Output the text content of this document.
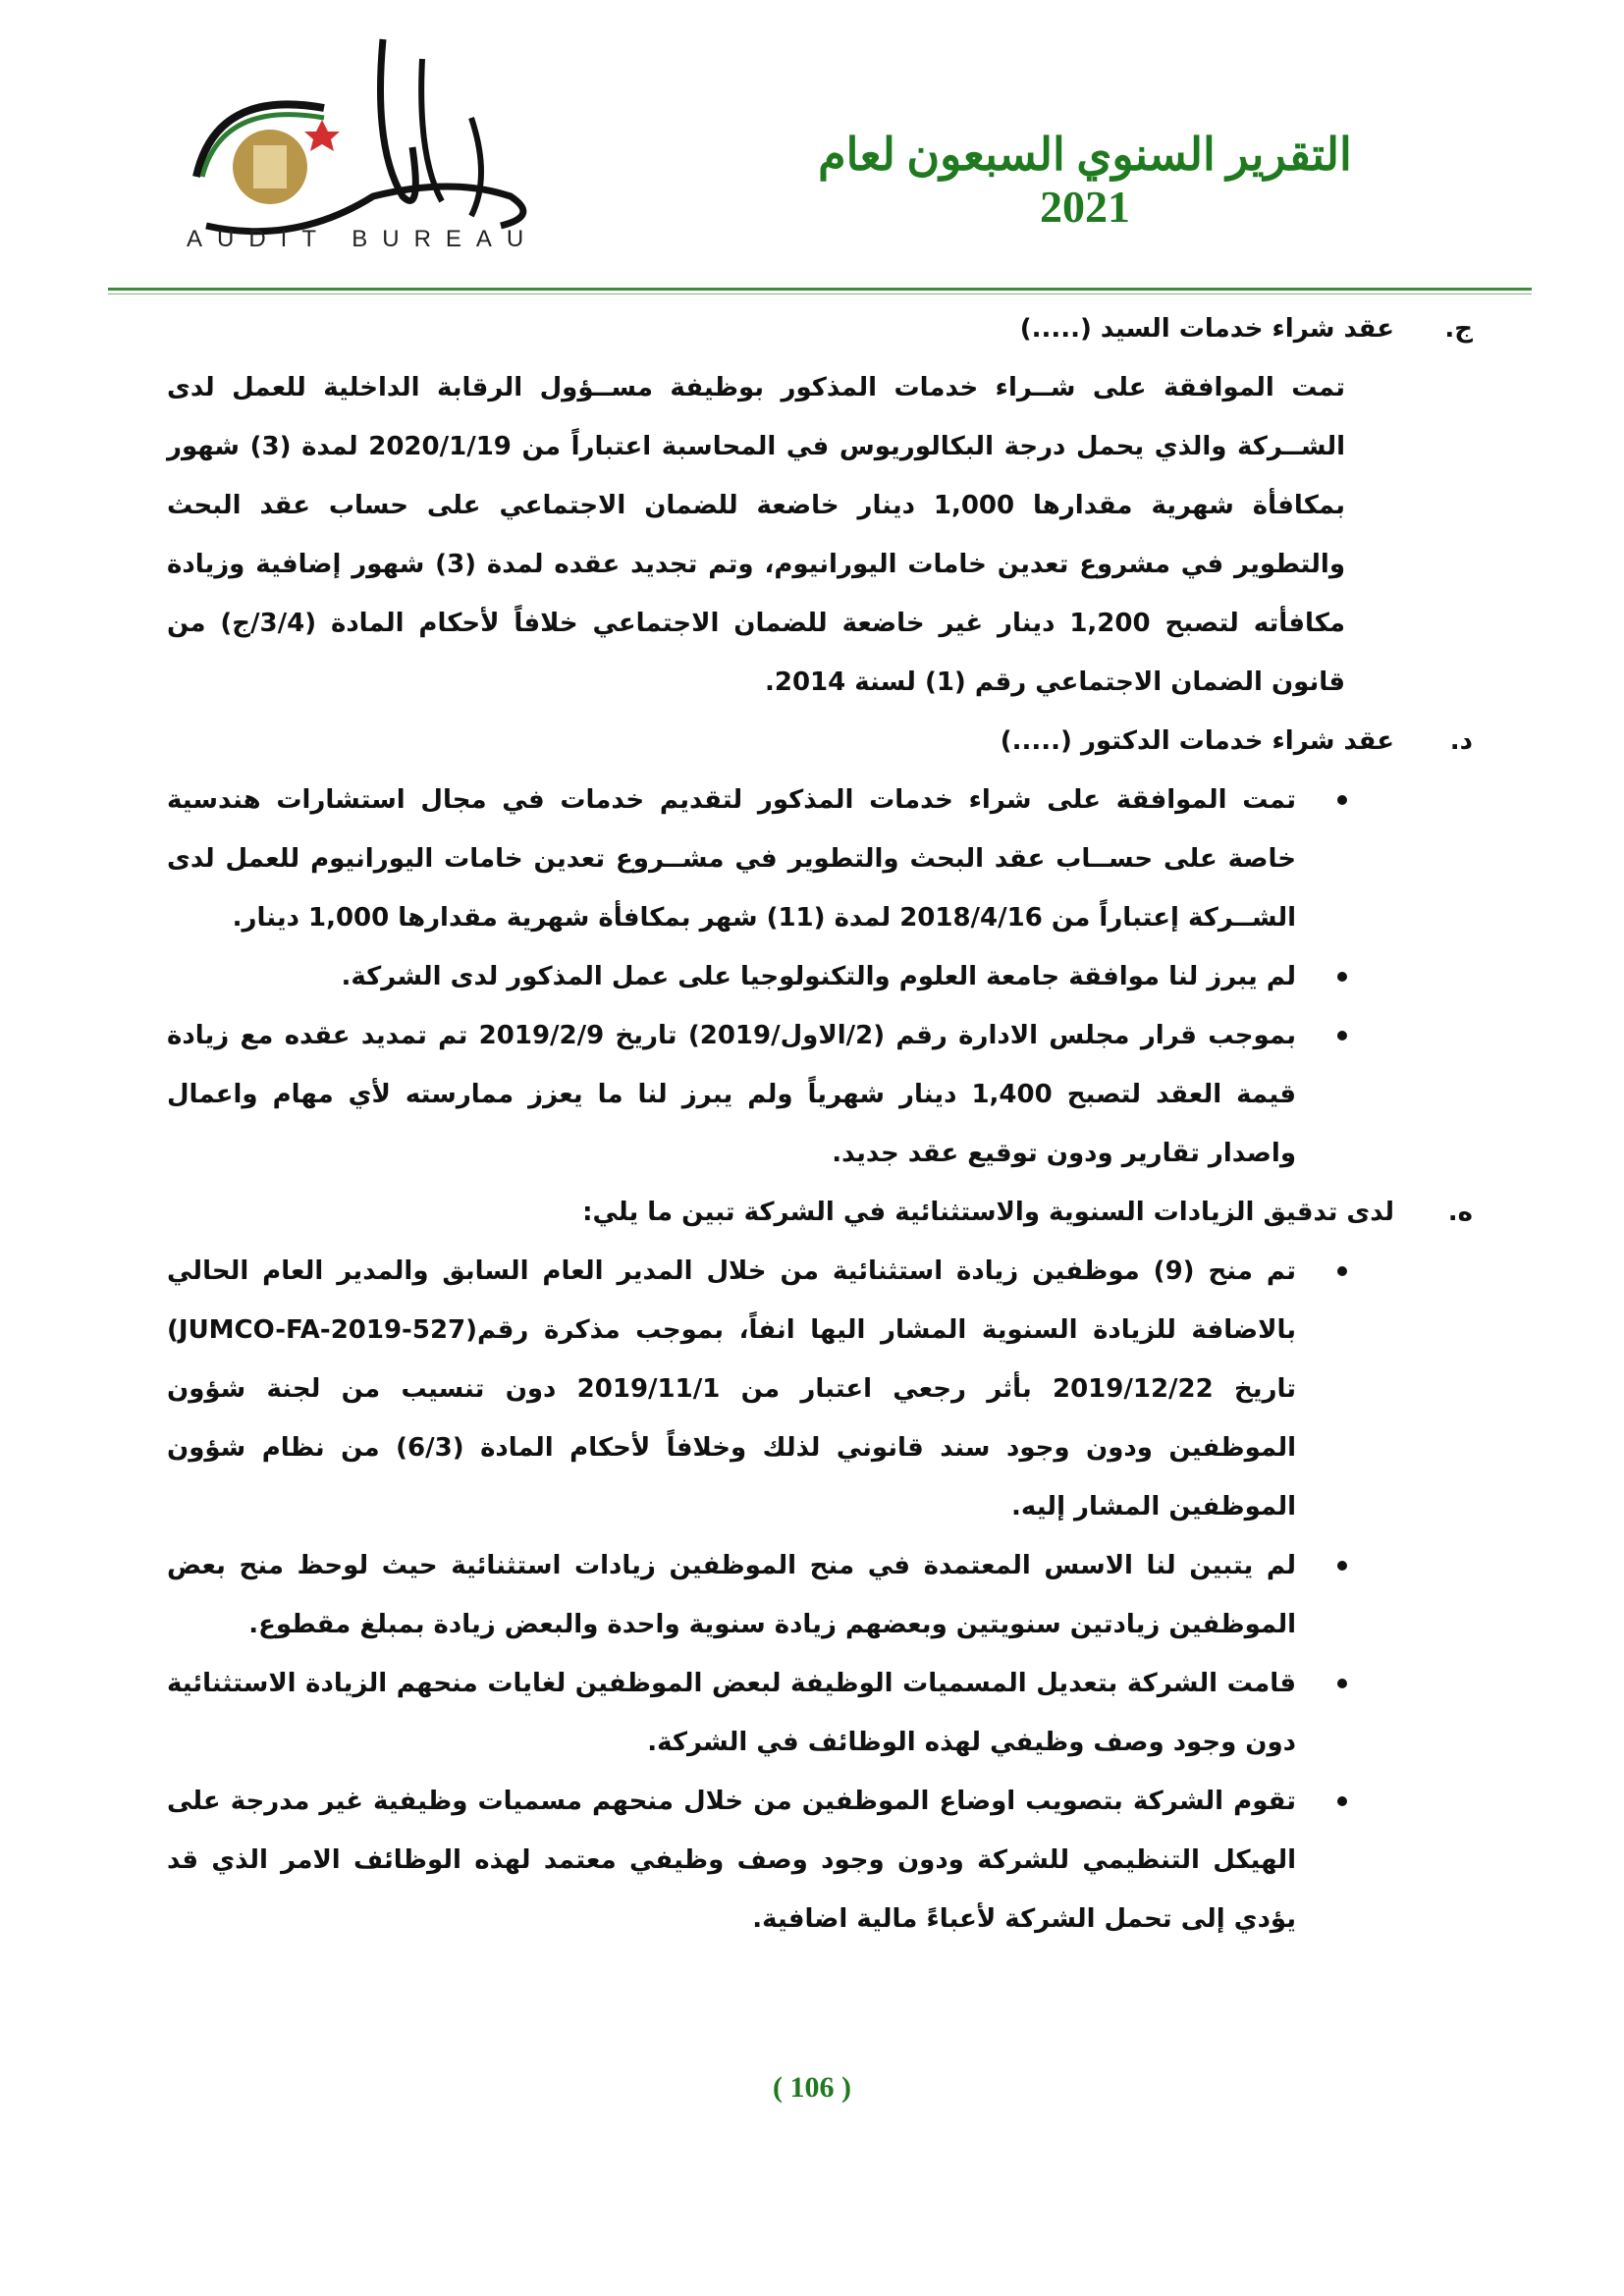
AUDIT BUREAU
التقرير السنوي السبعون لعام 2021
ج.
عقد شراء خدمات السيد (.....)
تمت الموافقة على شــراء خدمات المذكور بوظيفة مســؤول الرقابة الداخلية للعمل لدى الشــركة والذي يحمل درجة البكالوريوس في المحاسبة اعتباراً من 2020/1/19 لمدة (3) شهور بمكافأة شهرية مقدارها 1,000 دينار خاضعة للضمان الاجتماعي على حساب عقد البحث والتطوير في مشروع تعدين خامات اليورانيوم، وتم تجديد عقده لمدة (3) شهور إضافية وزيادة مكافأته لتصبح 1,200 دينار غير خاضعة للضمان الاجتماعي خلافاً لأحكام المادة (3/4/ج) من قانون الضمان الاجتماعي رقم (1) لسنة 2014.
د.
عقد شراء خدمات الدكتور (.....)
تمت الموافقة على شراء خدمات المذكور لتقديم خدمات في مجال استشارات هندسية خاصة على حســاب عقد البحث والتطوير في مشــروع تعدين خامات اليورانيوم للعمل لدى الشــركة إعتباراً من 2018/4/16 لمدة (11) شهر بمكافأة شهرية مقدارها 1,000 دينار.
لم يبرز لنا موافقة جامعة العلوم والتكنولوجيا على عمل المذكور لدى الشركة.
بموجب قرار مجلس الادارة رقم (2/الاول/2019) تاريخ 2019/2/9 تم تمديد عقده مع زيادة قيمة العقد لتصبح 1,400 دينار شهرياً ولم يبرز لنا ما يعزز ممارسته لأي مهام واعمال واصدار تقارير ودون توقيع عقد جديد.
ه.
لدى تدقيق الزيادات السنوية والاستثنائية في الشركة تبين ما يلي:
تم منح (9) موظفين زيادة استثنائية من خلال المدير العام السابق والمدير العام الحالي بالاضافة للزيادة السنوية المشار اليها انفاً، بموجب مذكرة رقم(JUMCO-FA-2019-527) تاريخ 2019/12/22 بأثر رجعي اعتبار من 2019/11/1 دون تنسيب من لجنة شؤون الموظفين ودون وجود سند قانوني لذلك وخلافاً لأحكام المادة (6/3) من نظام شؤون الموظفين المشار إليه.
لم يتبين لنا الاسس المعتمدة في منح الموظفين زيادات استثنائية حيث لوحظ منح بعض الموظفين زيادتين سنويتين وبعضهم زيادة سنوية واحدة والبعض زيادة بمبلغ مقطوع.
قامت الشركة بتعديل المسميات الوظيفة لبعض الموظفين لغايات منحهم الزيادة الاستثنائية دون وجود وصف وظيفي لهذه الوظائف في الشركة.
تقوم الشركة بتصويب اوضاع الموظفين من خلال منحهم مسميات وظيفية غير مدرجة على الهيكل التنظيمي للشركة ودون وجود وصف وظيفي معتمد لهذه الوظائف الامر الذي قد يؤدي إلى تحمل الشركة لأعباءً مالية اضافية.
( 106 )
